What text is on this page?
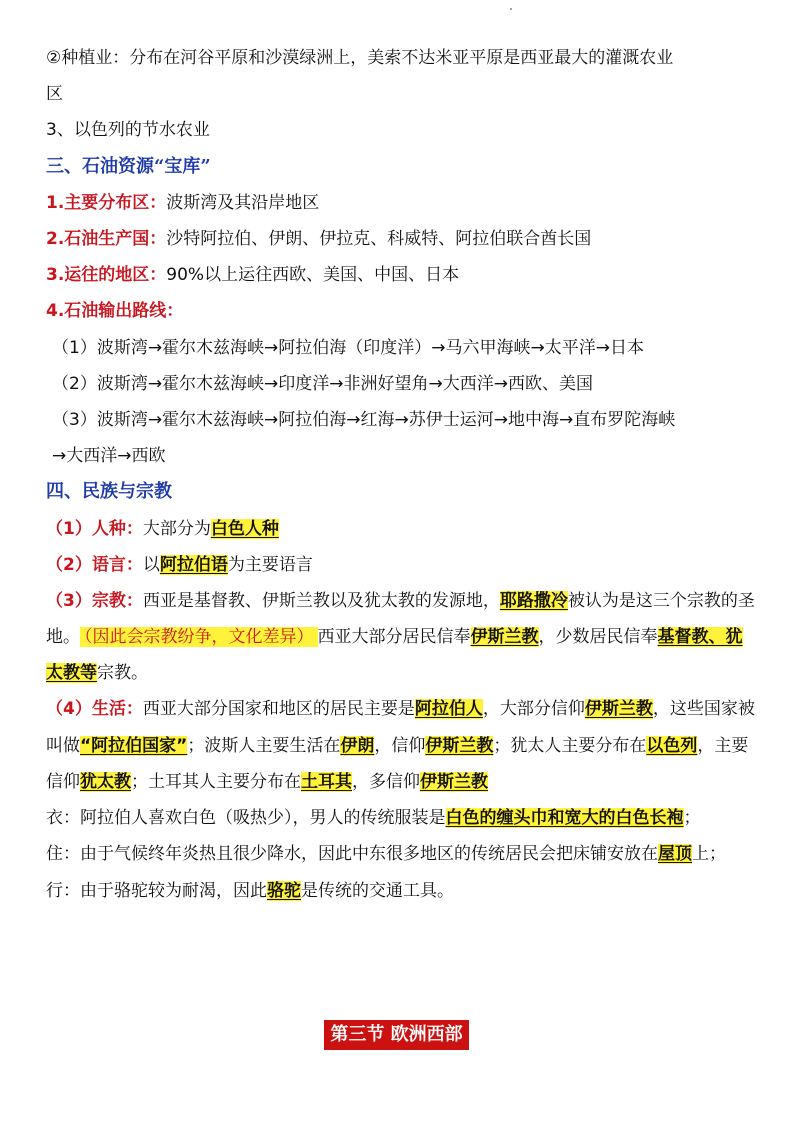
②种植业：分布在河谷平原和沙漠绿洲上，美索不达米亚平原是西亚最大的灌溉农业
区
3、以色列的节水农业
三、石油资源“宝库”
1.主要分布区：波斯湾及其沿岸地区
2.石油生产国：沙特阿拉伯、伊朗、伊拉克、科威特、阿拉伯联合酋长国
3.运往的地区：90%以上运往西欧、美国、中国、日本
4.石油输出路线：
（1）波斯湾→霍尔木兹海峡→阿拉伯海（印度洋）→马六甲海峡→太平洋→日本
（2）波斯湾→霍尔木兹海峡→印度洋→非洲好望角→大西洋→西欧、美国
（3）波斯湾→霍尔木兹海峡→阿拉伯海→红海→苏伊士运河→地中海→直布罗陀海峡
→大西洋→西欧
四、民族与宗教
（1）人种：大部分为白色人种
（2）语言：以阿拉伯语为主要语言
（3）宗教：西亚是基督教、伊斯兰教以及犹太教的发源地，耶路撒冷被认为是这三个宗教的圣地。 （因此会宗教纷争，文化差异） 西亚大部分居民信奉伊斯兰教，少数居民信奉基督教、犹太教等宗教。
（4）生活：西亚大部分国家和地区的居民主要是阿拉伯人，大部分信仰伊斯兰教，这些国家被叫做“阿拉伯国家”；波斯人主要生活在伊朗，信仰伊斯兰教；犹太人主要分布在以色列，主要信仰犹太教；土耳其人主要分布在土耳其，多信仰伊斯兰教
衣：阿拉伯人喜欢白色（吸热少），男人的传统服装是白色的缠头巾和宽大的白色长袍；
住：由于气候终年炎热且很少降水，因此中东很多地区的传统居民会把床铺安放在屋顶上；
行：由于骆驼较为耐渴，因此骆驼是传统的交通工具。
第三节 欧洲西部
